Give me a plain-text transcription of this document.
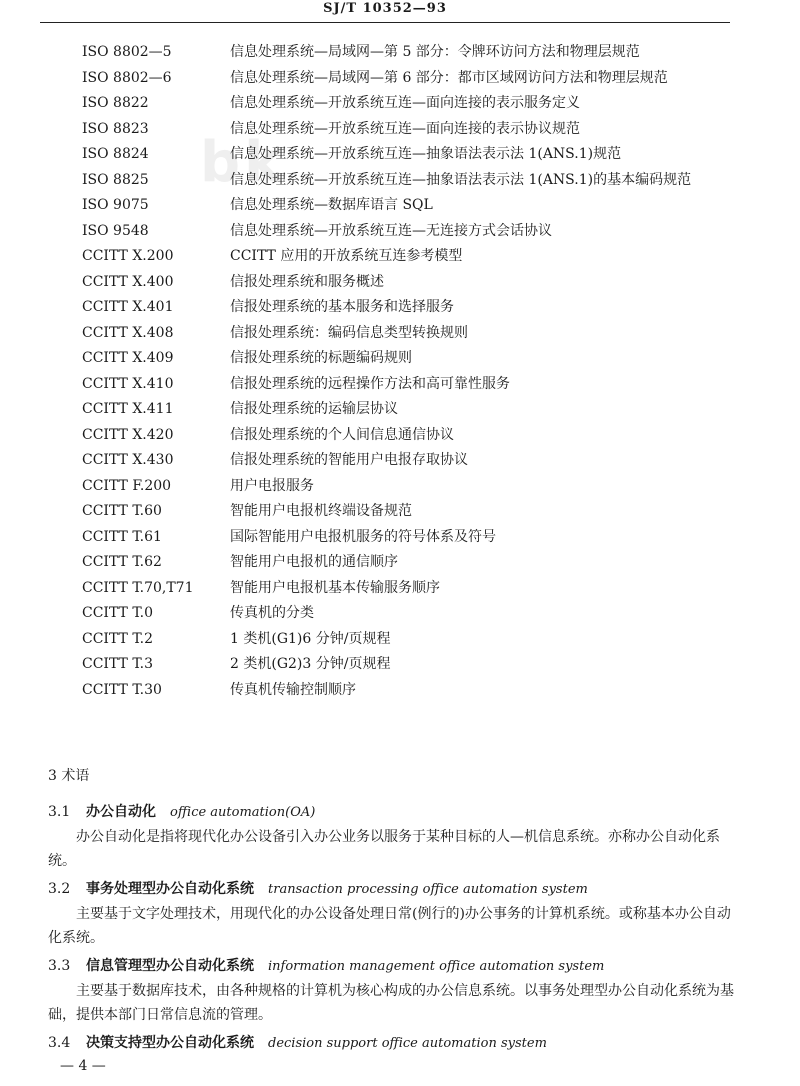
SJ/T 10352—93
bk
ISO 8802—5	信息处理系统—局域网—第 5 部分：令牌环访问方法和物理层规范
ISO 8802—6	信息处理系统—局域网—第 6 部分：都市区域网访问方法和物理层规范
ISO 8822	信息处理系统—开放系统互连—面向连接的表示服务定义
ISO 8823	信息处理系统—开放系统互连—面向连接的表示协议规范
ISO 8824	信息处理系统—开放系统互连—抽象语法表示法 1(ANS.1)规范
ISO 8825	信息处理系统—开放系统互连—抽象语法表示法 1(ANS.1)的基本编码规范
ISO 9075	信息处理系统—数据库语言 SQL
ISO 9548	信息处理系统—开放系统互连—无连接方式会话协议
CCITT X.200	CCITT 应用的开放系统互连参考模型
CCITT X.400	信报处理系统和服务概述
CCITT X.401	信报处理系统的基本服务和选择服务
CCITT X.408	信报处理系统：编码信息类型转换规则
CCITT X.409	信报处理系统的标题编码规则
CCITT X.410	信报处理系统的远程操作方法和高可靠性服务
CCITT X.411	信报处理系统的运输层协议
CCITT X.420	信报处理系统的个人间信息通信协议
CCITT X.430	信报处理系统的智能用户电报存取协议
CCITT F.200	用户电报服务
CCITT T.60	智能用户电报机终端设备规范
CCITT T.61	国际智能用户电报机服务的符号体系及符号
CCITT T.62	智能用户电报机的通信顺序
CCITT T.70,T71	智能用户电报机基本传输服务顺序
CCITT T.0	传真机的分类
CCITT T.2	1 类机(G1)6 分钟/页规程
CCITT T.3	2 类机(G2)3 分钟/页规程
CCITT T.30	传真机传输控制顺序
3 术语
3.1 办公自动化 office automation(OA)
办公自动化是指将现代化办公设备引入办公业务以服务于某种目标的人—机信息系统。亦称办公自动化系统。
3.2 事务处理型办公自动化系统 transaction processing office automation system
主要基于文字处理技术，用现代化的办公设备处理日常(例行的)办公事务的计算机系统。或称基本办公自动化系统。
3.3 信息管理型办公自动化系统 information management office automation system
主要基于数据库技术，由各种规格的计算机为核心构成的办公信息系统。以事务处理型办公自动化系统为基础，提供本部门日常信息流的管理。
3.4 决策支持型办公自动化系统 decision support office automation system
— 4 —
